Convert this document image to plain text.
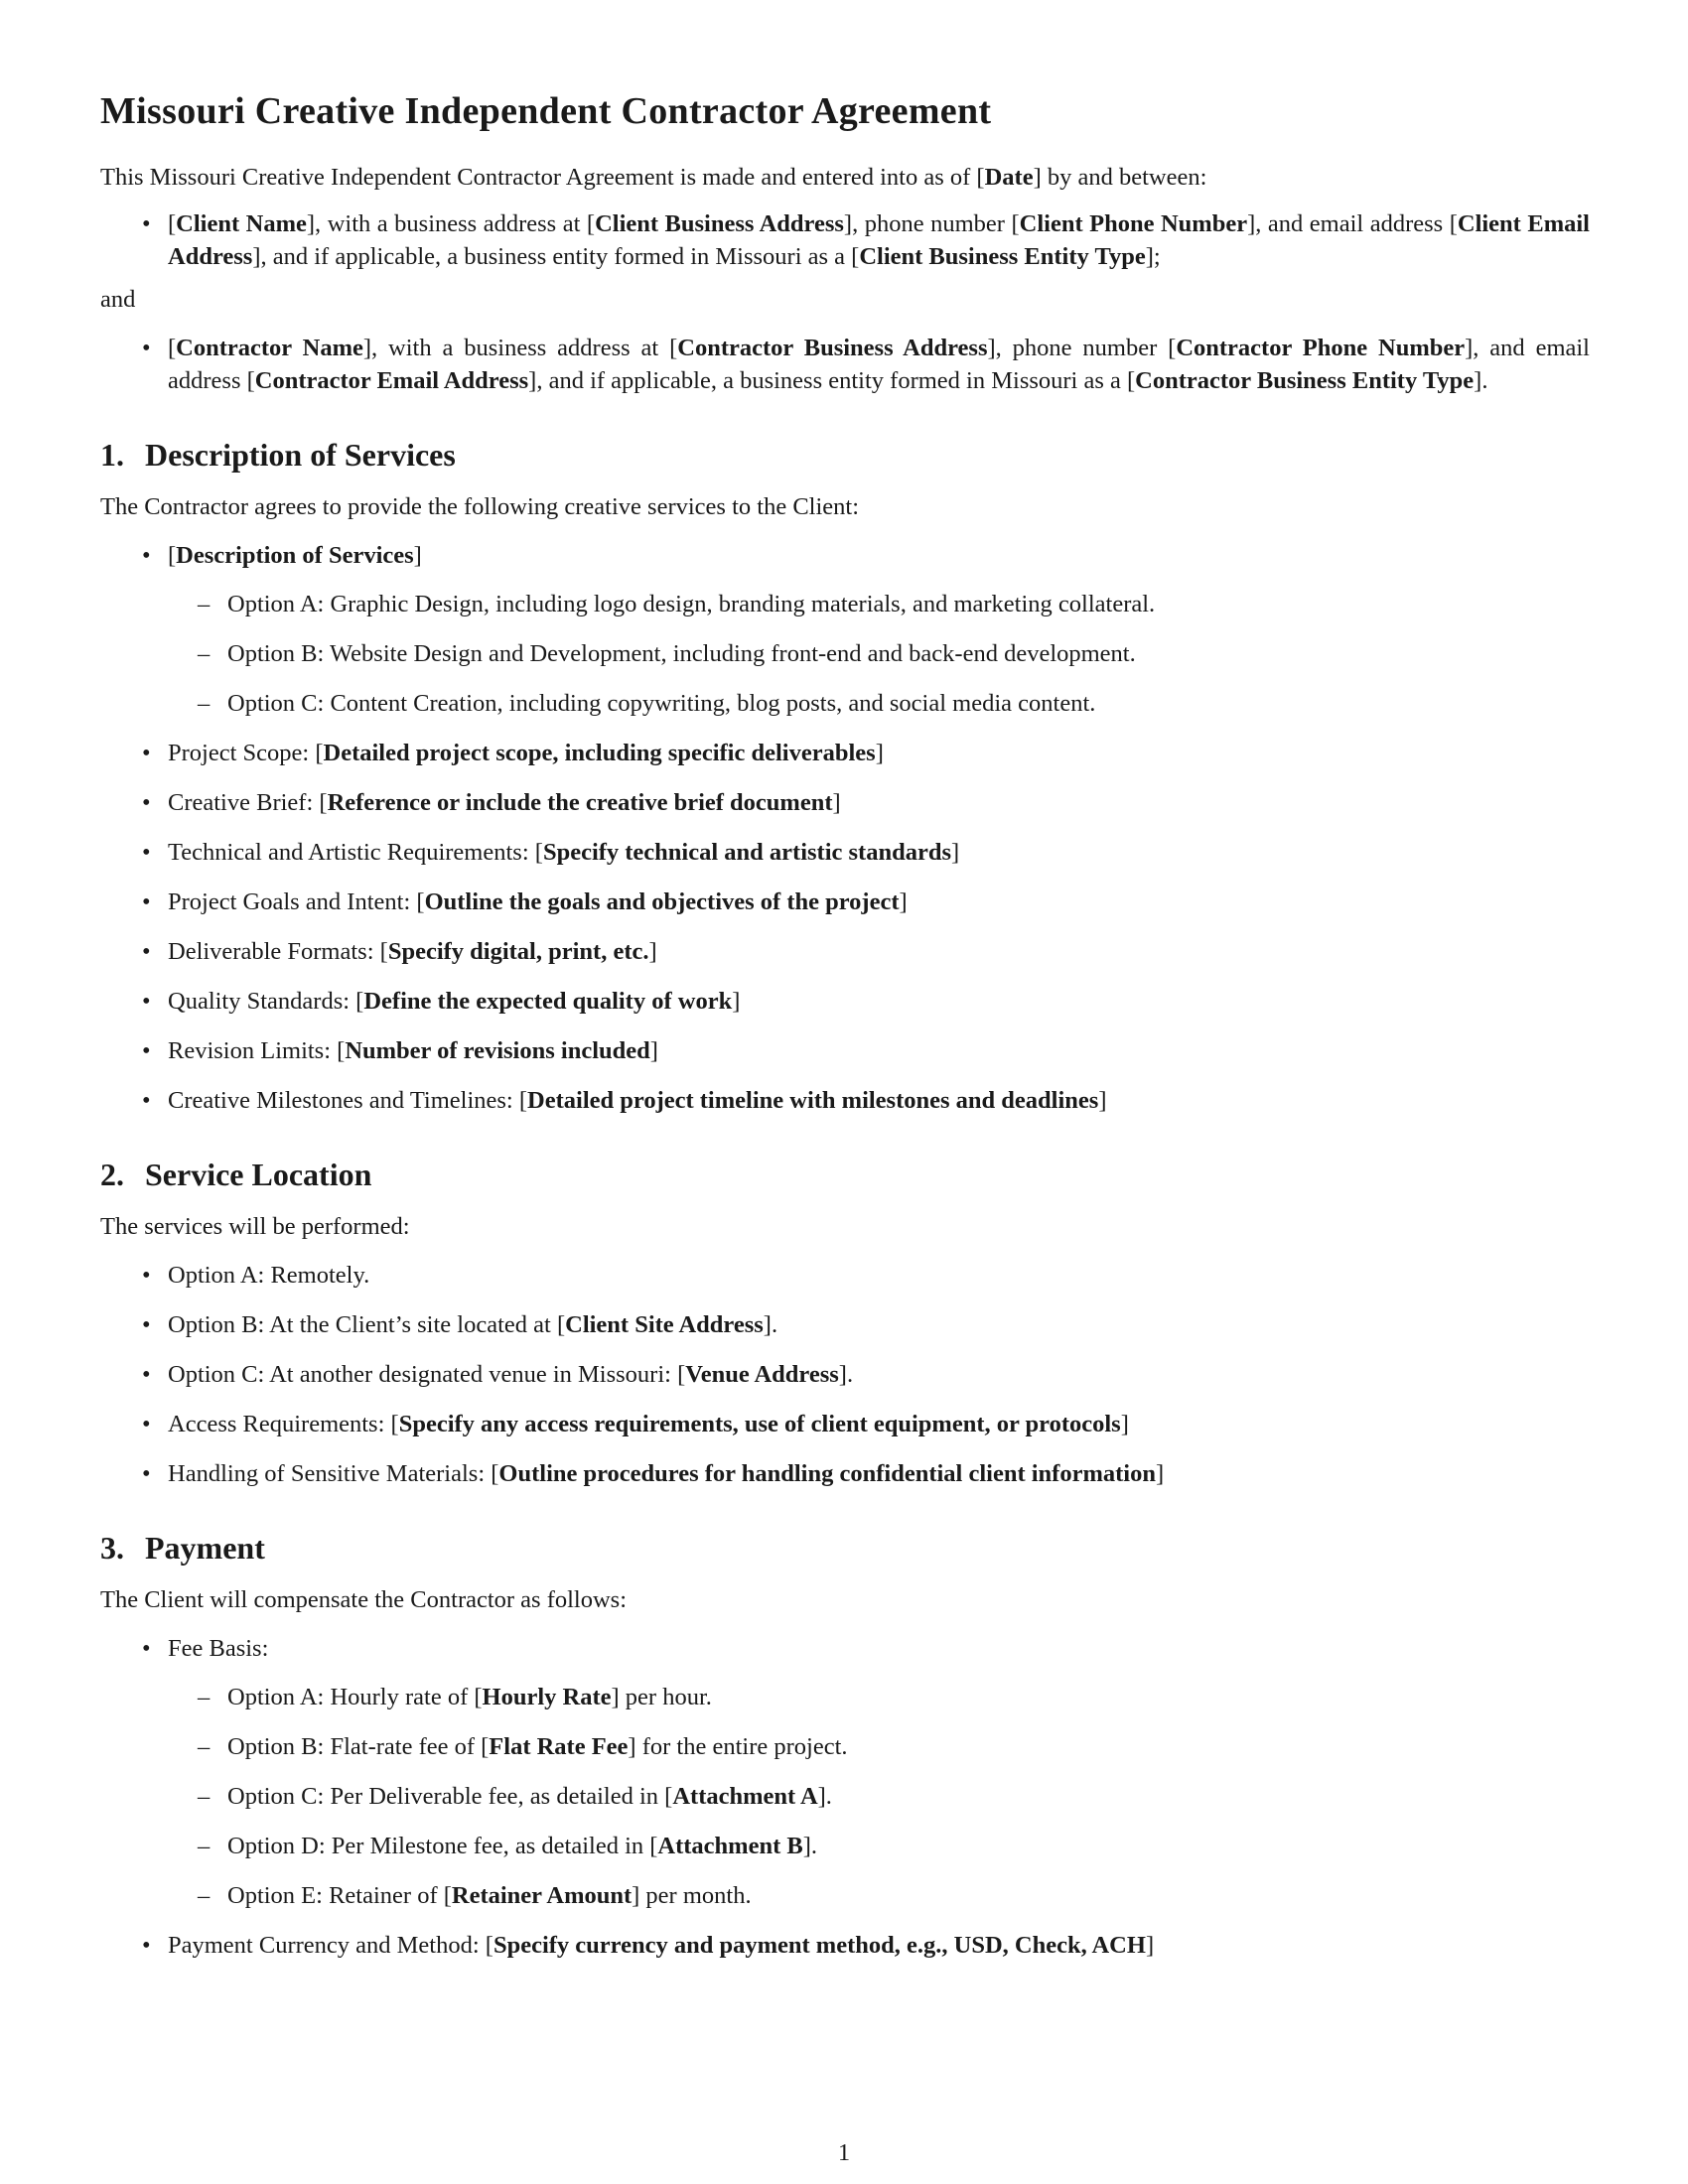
Missouri Creative Independent Contractor Agreement

This Missouri Creative Independent Contractor Agreement is made and entered into as of [Date] by and between:

• [Client Name], with a business address at [Client Business Address], phone number [Client Phone Number], and email address [Client Email Address], and if applicable, a business entity formed in Missouri as a [Client Business Entity Type];

and

• [Contractor Name], with a business address at [Contractor Business Address], phone number [Contractor Phone Number], and email address [Contractor Email Address], and if applicable, a business entity formed in Missouri as a [Contractor Business Entity Type].
1. Description of Services

The Contractor agrees to provide the following creative services to the Client:

• [Description of Services]
– Option A: Graphic Design, including logo design, branding materials, and marketing collateral.
– Option B: Website Design and Development, including front-end and back-end development.
– Option C: Content Creation, including copywriting, blog posts, and social media content.
• Project Scope: [Detailed project scope, including specific deliverables]
• Creative Brief: [Reference or include the creative brief document]
• Technical and Artistic Requirements: [Specify technical and artistic standards]
• Project Goals and Intent: [Outline the goals and objectives of the project]
• Deliverable Formats: [Specify digital, print, etc.]
• Quality Standards: [Define the expected quality of work]
• Revision Limits: [Number of revisions included]
• Creative Milestones and Timelines: [Detailed project timeline with milestones and deadlines]
2. Service Location

The services will be performed:

• Option A: Remotely.
• Option B: At the Client’s site located at [Client Site Address].
• Option C: At another designated venue in Missouri: [Venue Address].
• Access Requirements: [Specify any access requirements, use of client equipment, or protocols]
• Handling of Sensitive Materials: [Outline procedures for handling confidential client information]
3. Payment

The Client will compensate the Contractor as follows:

• Fee Basis:
– Option A: Hourly rate of [Hourly Rate] per hour.
– Option B: Flat-rate fee of [Flat Rate Fee] for the entire project.
– Option C: Per Deliverable fee, as detailed in [Attachment A].
– Option D: Per Milestone fee, as detailed in [Attachment B].
– Option E: Retainer of [Retainer Amount] per month.
• Payment Currency and Method: [Specify currency and payment method, e.g., USD, Check, ACH]
1
